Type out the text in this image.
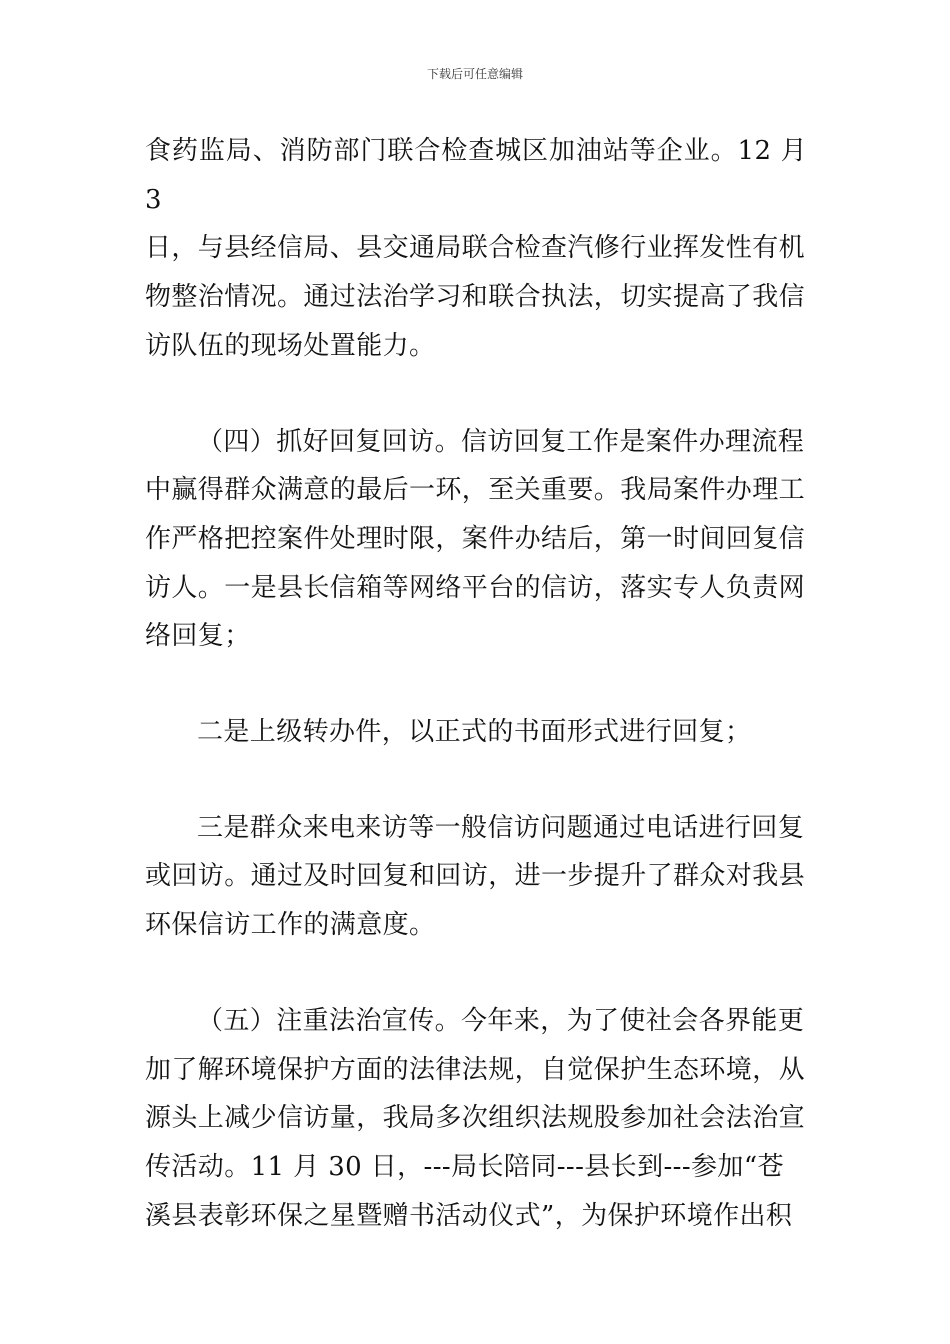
下载后可任意编辑

食药监局、消防部门联合检查城区加油站等企业。12 月 3
日，与县经信局、县交通局联合检查汽修行业挥发性有机
物整治情况。通过法治学习和联合执法，切实提高了我信
访队伍的现场处置能力。

（四）抓好回复回访。信访回复工作是案件办理流程
中赢得群众满意的最后一环，至关重要。我局案件办理工
作严格把控案件处理时限，案件办结后，第一时间回复信
访人。一是县长信箱等网络平台的信访，落实专人负责网
络回复；

二是上级转办件，以正式的书面形式进行回复；

三是群众来电来访等一般信访问题通过电话进行回复
或回访。通过及时回复和回访，进一步提升了群众对我县
环保信访工作的满意度。

（五）注重法治宣传。今年来，为了使社会各界能更
加了解环境保护方面的法律法规，自觉保护生态环境，从
源头上减少信访量，我局多次组织法规股参加社会法治宣
传活动。11 月 30 日，---局长陪同---县长到---参加“苍
溪县表彰环保之星暨赠书活动仪式”，为保护环境作出积
